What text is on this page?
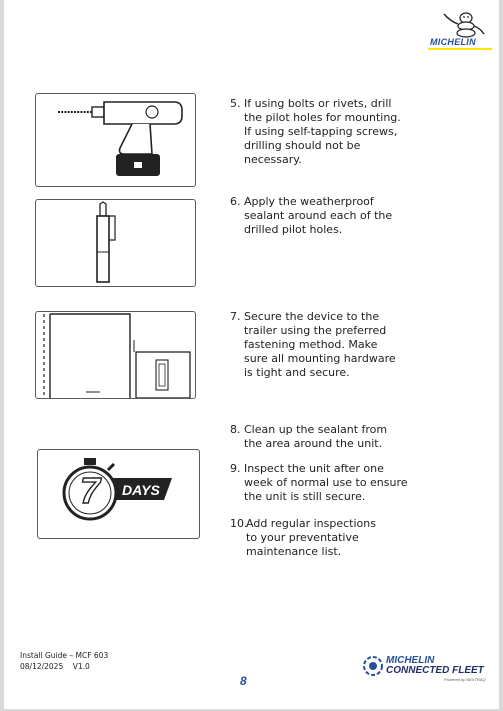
MICHELIN
7 DAYS
5. If using bolts or rivets, drill
the pilot holes for mounting.
If using self-tapping screws,
drilling should not be
necessary.
6. Apply the weatherproof
sealant around each of the
drilled pilot holes.
7. Secure the device to the
trailer using the preferred
fastening method. Make
sure all mounting hardware
is tight and secure.
8. Clean up the sealant from
the area around the unit.
9. Inspect the unit after one
week of normal use to ensure
the unit is still secure.
10.
Add regular inspections
to your preventative
maintenance list.
Install Guide – MCF 603
08/12/2025    V1.0
8
MICHELIN
CONNECTED FLEET
Powered by NEXTRAQ
